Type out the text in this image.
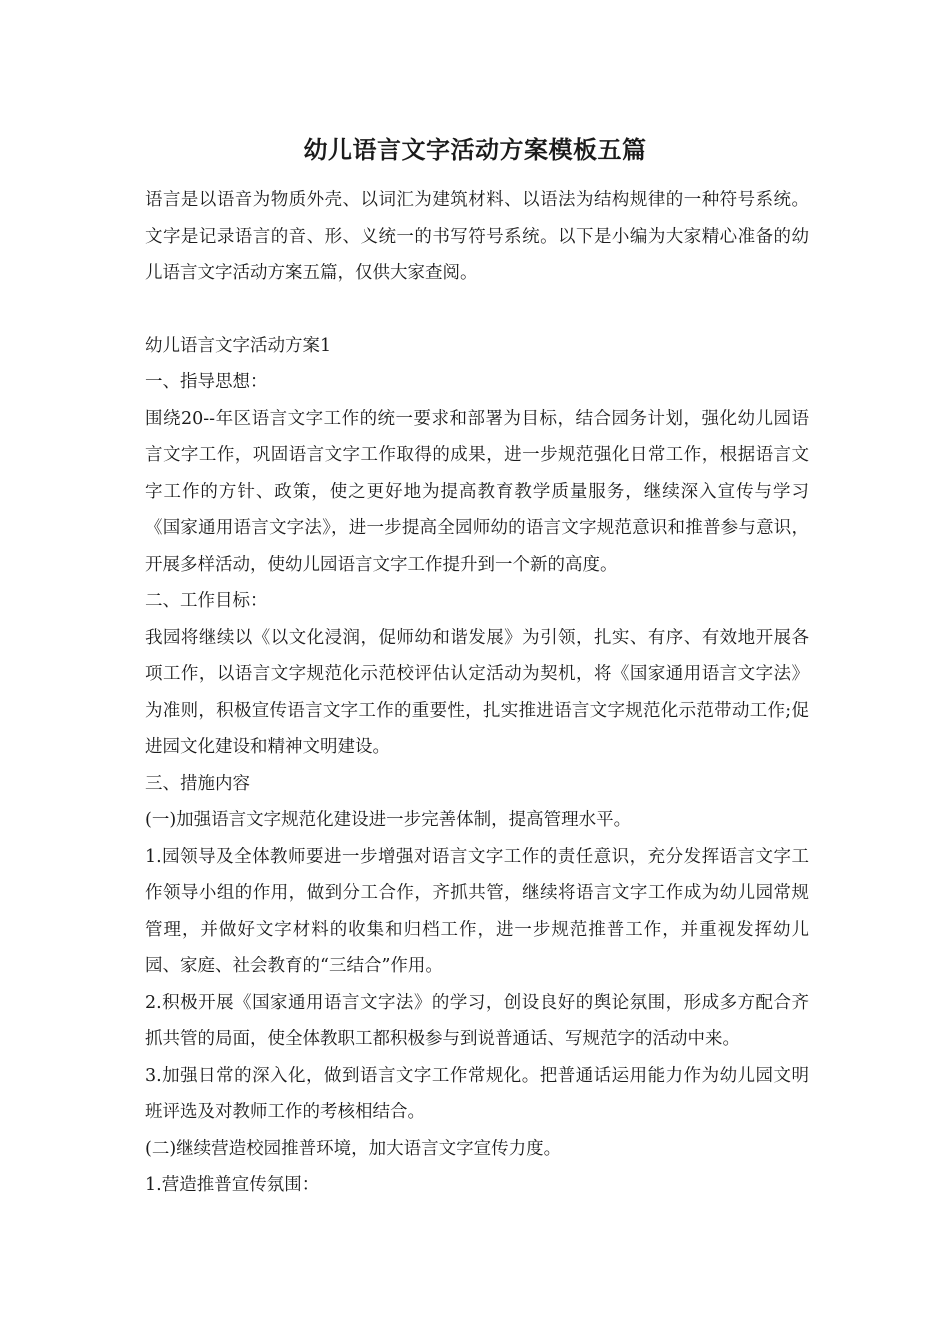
幼儿语言文字活动方案模板五篇

语言是以语音为物质外壳、以词汇为建筑材料、以语法为结构规律的一种符号系统。文字是记录语言的音、形、义统一的书写符号系统。以下是小编为大家精心准备的幼儿语言文字活动方案五篇，仅供大家查阅。

幼儿语言文字活动方案1

一、指导思想：

围绕20--年区语言文字工作的统一要求和部署为目标，结合园务计划，强化幼儿园语言文字工作，巩固语言文字工作取得的成果，进一步规范强化日常工作，根据语言文字工作的方针、政策，使之更好地为提高教育教学质量服务，继续深入宣传与学习《国家通用语言文字法》，进一步提高全园师幼的语言文字规范意识和推普参与意识，开展多样活动，使幼儿园语言文字工作提升到一个新的高度。

二、工作目标：

我园将继续以《以文化浸润，促师幼和谐发展》为引领，扎实、有序、有效地开展各项工作，以语言文字规范化示范校评估认定活动为契机，将《国家通用语言文字法》为准则，积极宣传语言文字工作的重要性，扎实推进语言文字规范化示范带动工作;促进园文化建设和精神文明建设。

三、措施内容

(一)加强语言文字规范化建设进一步完善体制，提高管理水平。

1.园领导及全体教师要进一步增强对语言文字工作的责任意识，充分发挥语言文字工作领导小组的作用，做到分工合作，齐抓共管，继续将语言文字工作成为幼儿园常规管理，并做好文字材料的收集和归档工作，进一步规范推普工作，并重视发挥幼儿园、家庭、社会教育的“三结合”作用。

2.积极开展《国家通用语言文字法》的学习，创设良好的舆论氛围，形成多方配合齐抓共管的局面，使全体教职工都积极参与到说普通话、写规范字的活动中来。

3.加强日常的深入化，做到语言文字工作常规化。把普通话运用能力作为幼儿园文明班评选及对教师工作的考核相结合。

(二)继续营造校园推普环境，加大语言文字宣传力度。

1.营造推普宣传氛围：
